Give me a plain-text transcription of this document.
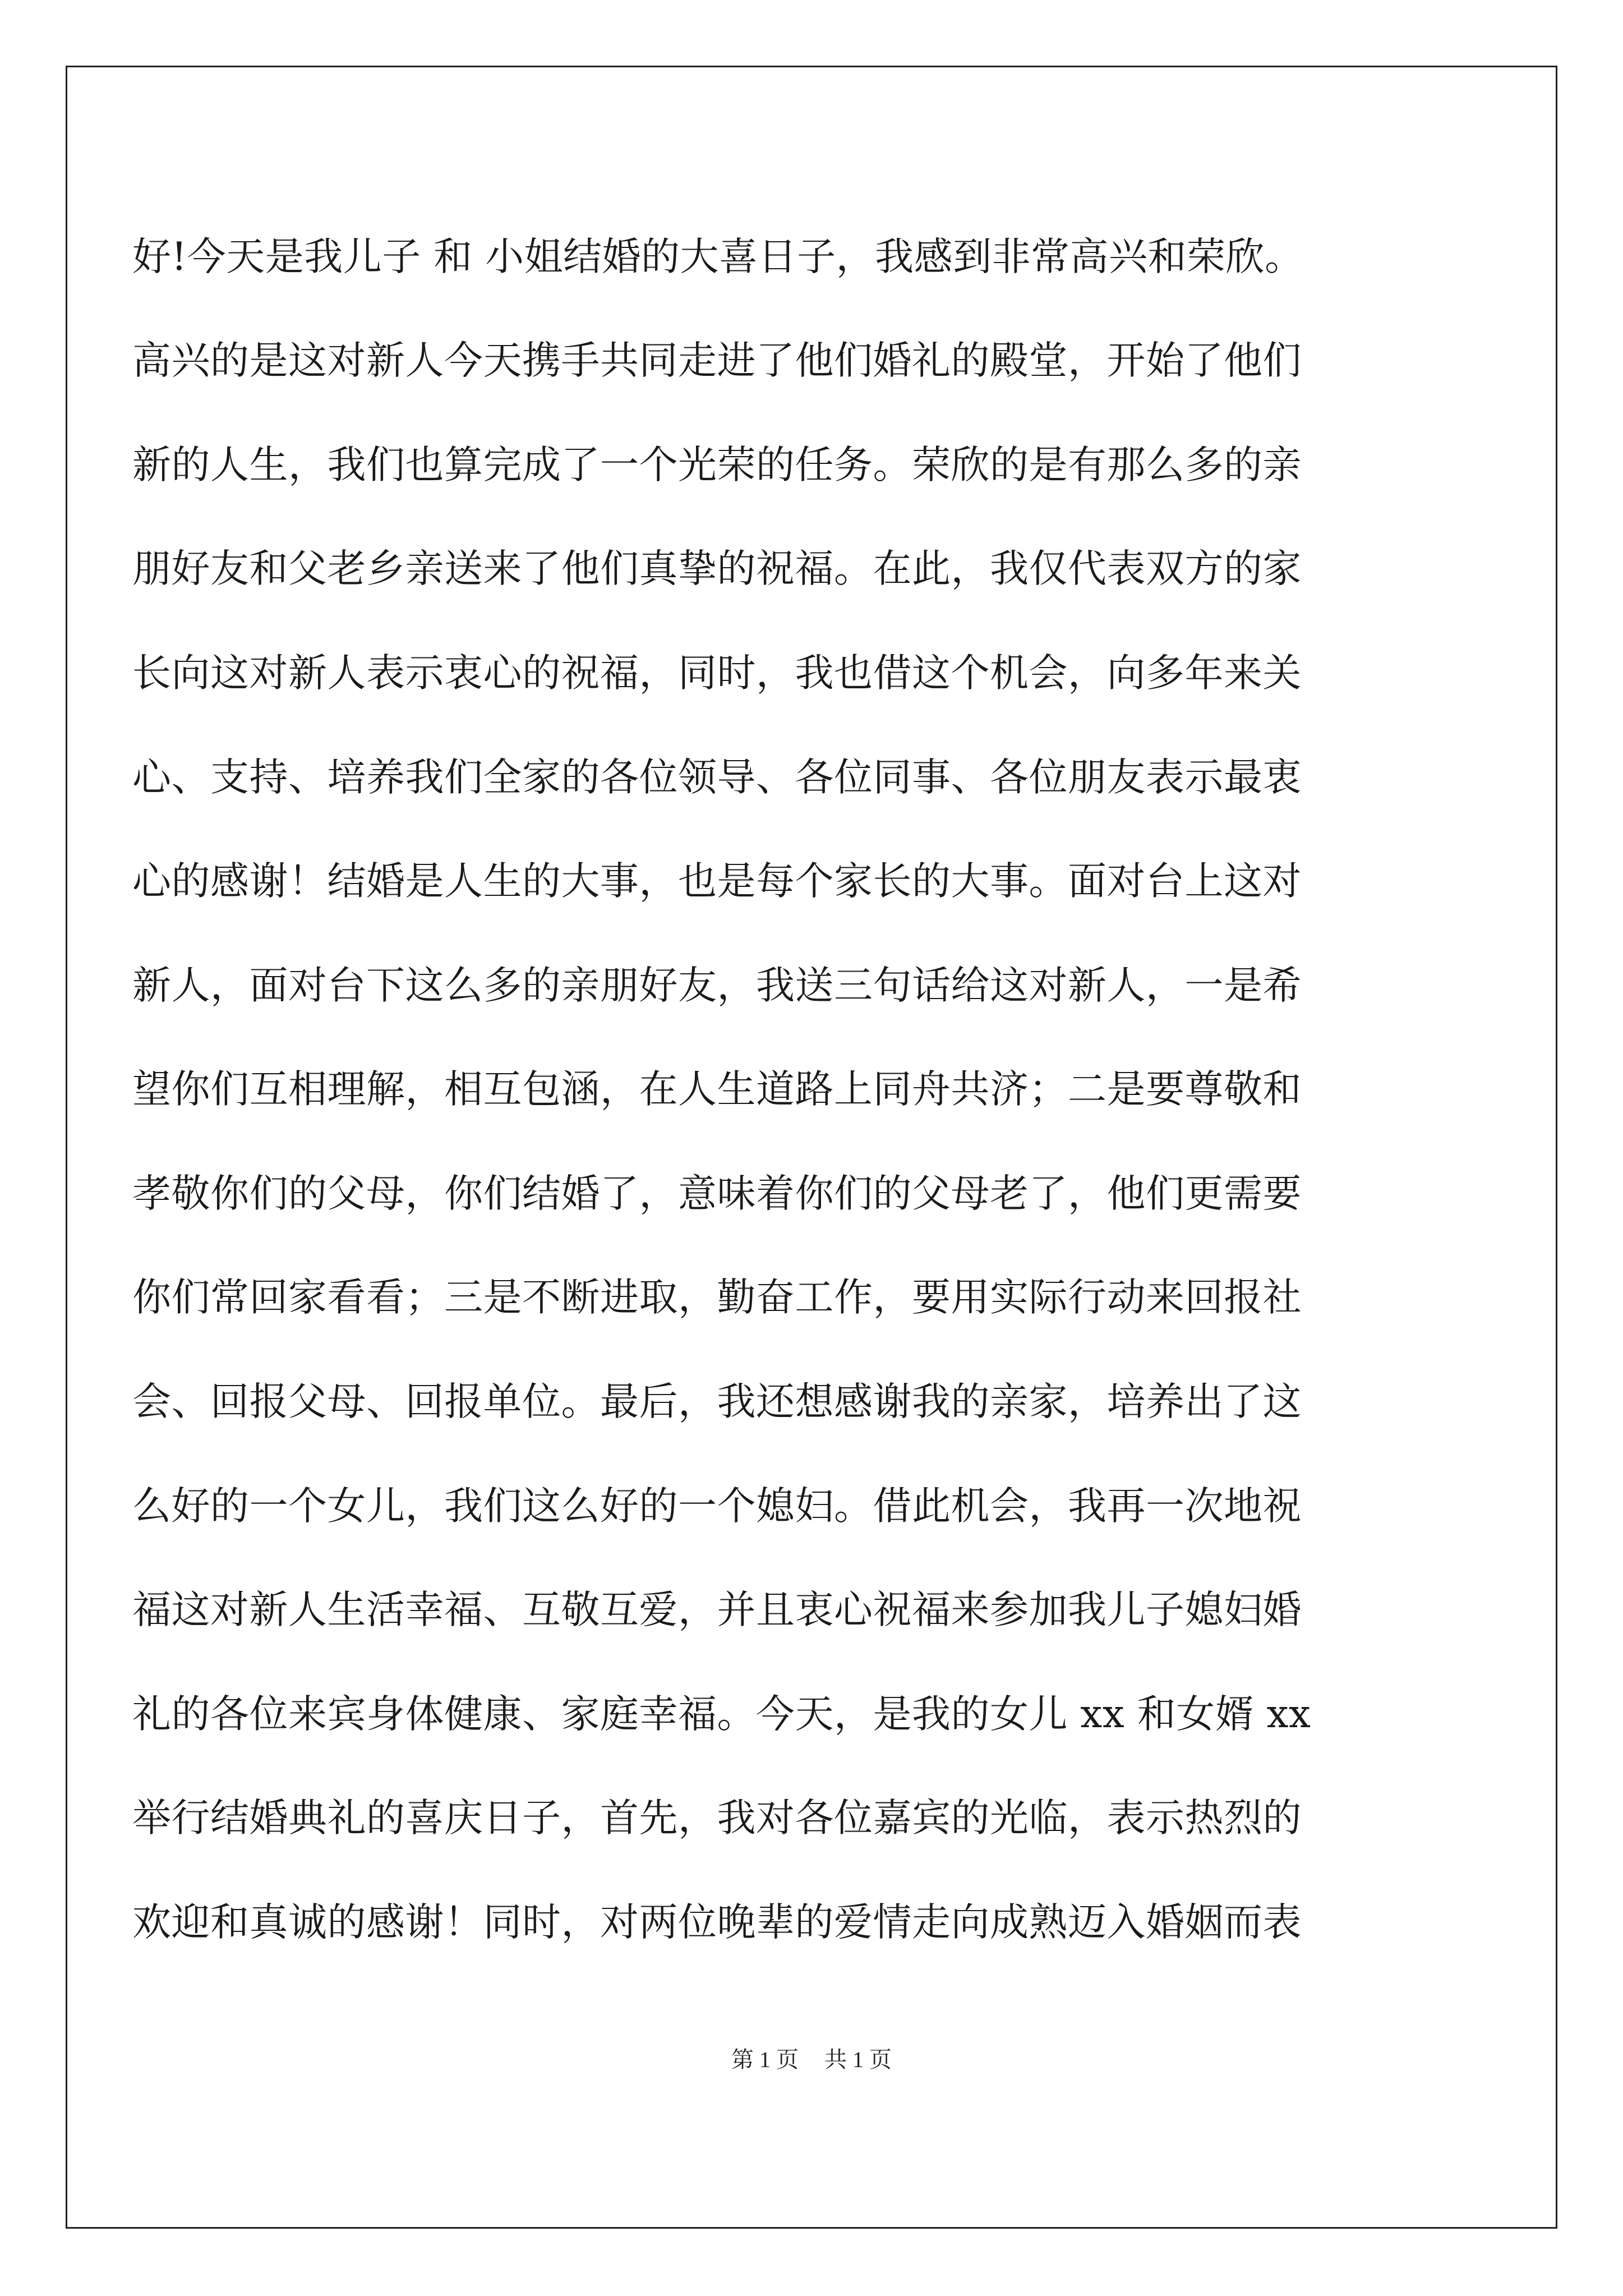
好!今天是我儿子 和 小姐结婚的大喜日子，我感到非常高兴和荣欣。
高兴的是这对新人今天携手共同走进了他们婚礼的殿堂，开始了他们
新的人生，我们也算完成了一个光荣的任务。荣欣的是有那么多的亲
朋好友和父老乡亲送来了他们真挚的祝福。在此，我仅代表双方的家
长向这对新人表示衷心的祝福，同时，我也借这个机会，向多年来关
心、支持、培养我们全家的各位领导、各位同事、各位朋友表示最衷
心的感谢！结婚是人生的大事，也是每个家长的大事。面对台上这对
新人，面对台下这么多的亲朋好友，我送三句话给这对新人，一是希
望你们互相理解，相互包涵，在人生道路上同舟共济；二是要尊敬和
孝敬你们的父母，你们结婚了，意味着你们的父母老了，他们更需要
你们常回家看看；三是不断进取，勤奋工作，要用实际行动来回报社
会、回报父母、回报单位。最后，我还想感谢我的亲家，培养出了这
么好的一个女儿，我们这么好的一个媳妇。借此机会，我再一次地祝
福这对新人生活幸福、互敬互爱，并且衷心祝福来参加我儿子媳妇婚
礼的各位来宾身体健康、家庭幸福。今天，是我的女儿 xx 和女婿 xx
举行结婚典礼的喜庆日子，首先，我对各位嘉宾的光临，表示热烈的
欢迎和真诚的感谢！同时，对两位晚辈的爱情走向成熟迈入婚姻而表
第 1 页 共 1 页
